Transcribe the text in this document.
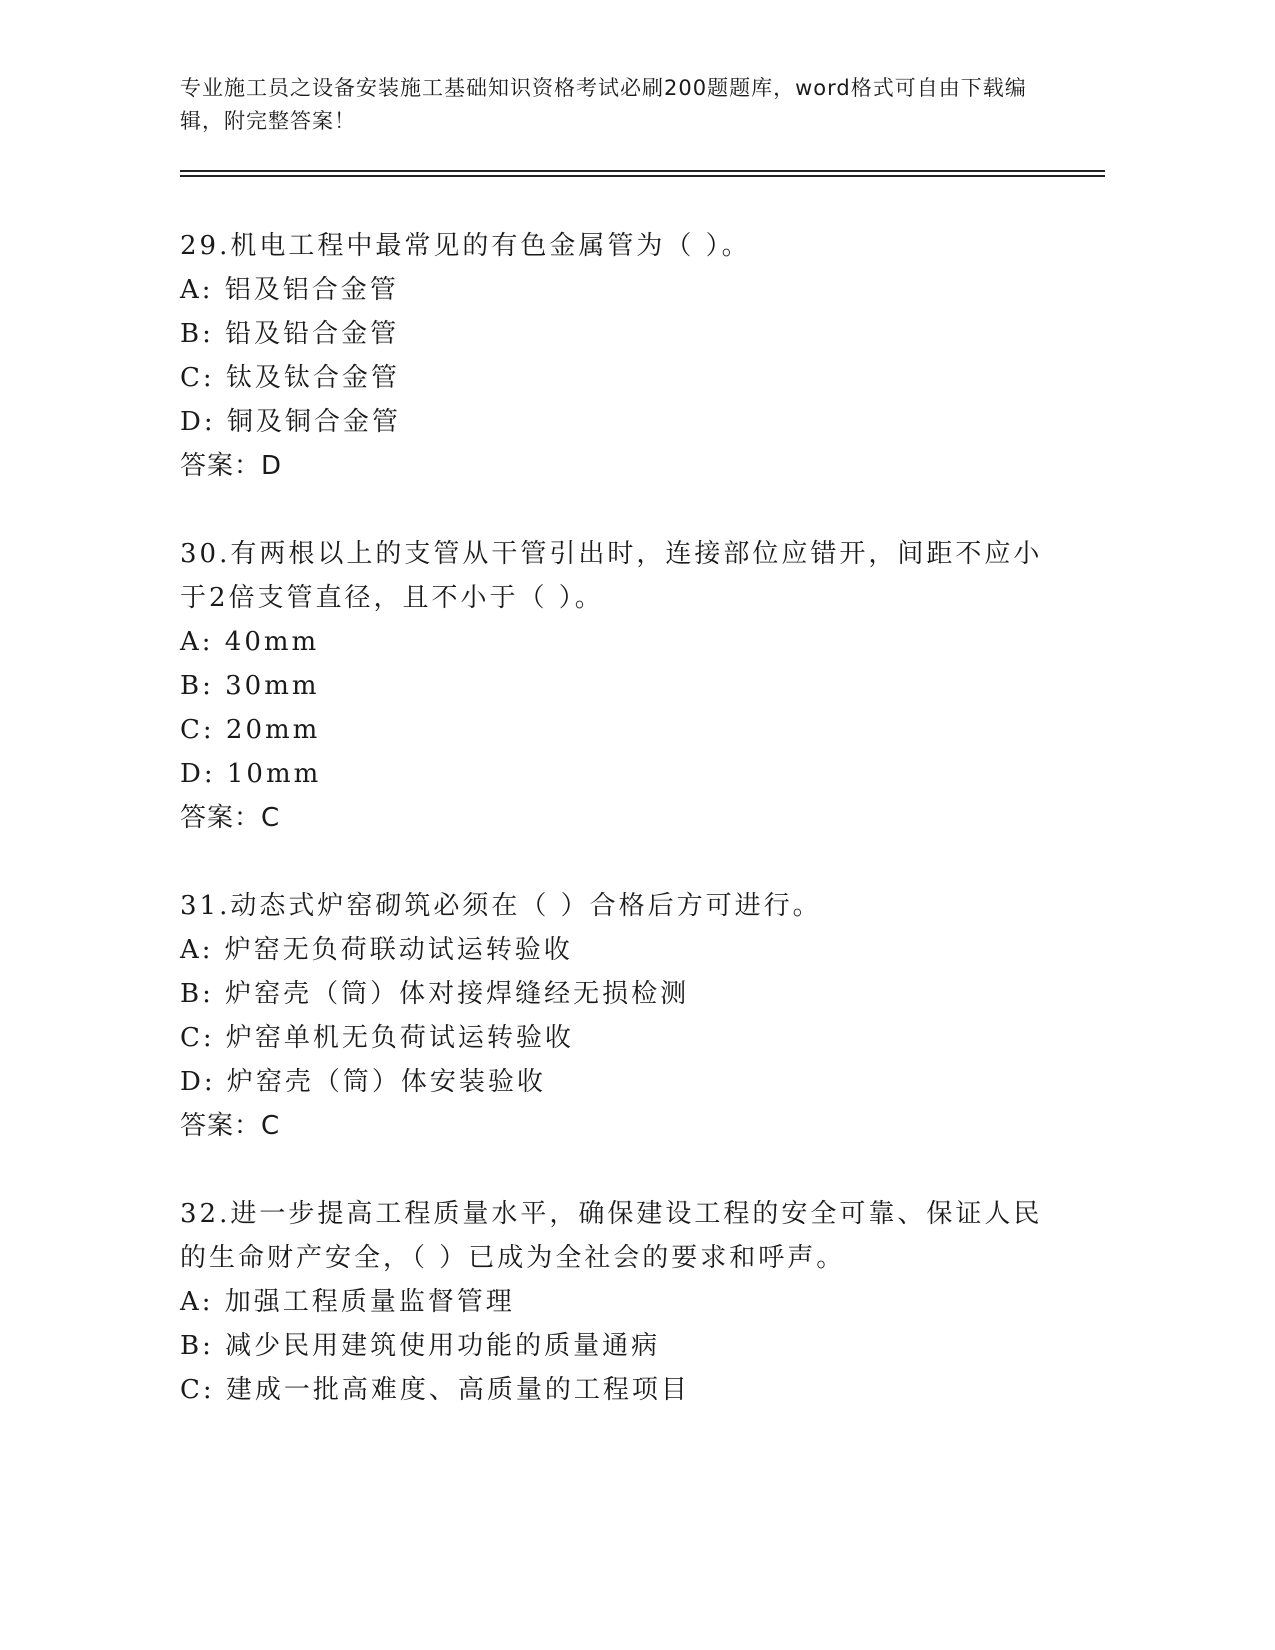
专业施工员之设备安装施工基础知识资格考试必刷200题题库，word格式可自由下载编辑，附完整答案！

29.机电工程中最常见的有色金属管为（ ）。

A: 铝及铝合金管

B: 铅及铅合金管

C: 钛及钛合金管

D: 铜及铜合金管

答案：D

30.有两根以上的支管从干管引出时，连接部位应错开，间距不应小于2倍支管直径，且不小于（ ）。

A: 40mm

B: 30mm

C: 20mm

D: 10mm

答案：C

31.动态式炉窑砌筑必须在（ ）合格后方可进行。

A: 炉窑无负荷联动试运转验收

B: 炉窑壳（筒）体对接焊缝经无损检测

C: 炉窑单机无负荷试运转验收

D: 炉窑壳（筒）体安装验收

答案：C

32.进一步提高工程质量水平，确保建设工程的安全可靠、保证人民的生命财产安全，（ ）已成为全社会的要求和呼声。

A: 加强工程质量监督管理

B: 减少民用建筑使用功能的质量通病

C: 建成一批高难度、高质量的工程项目
